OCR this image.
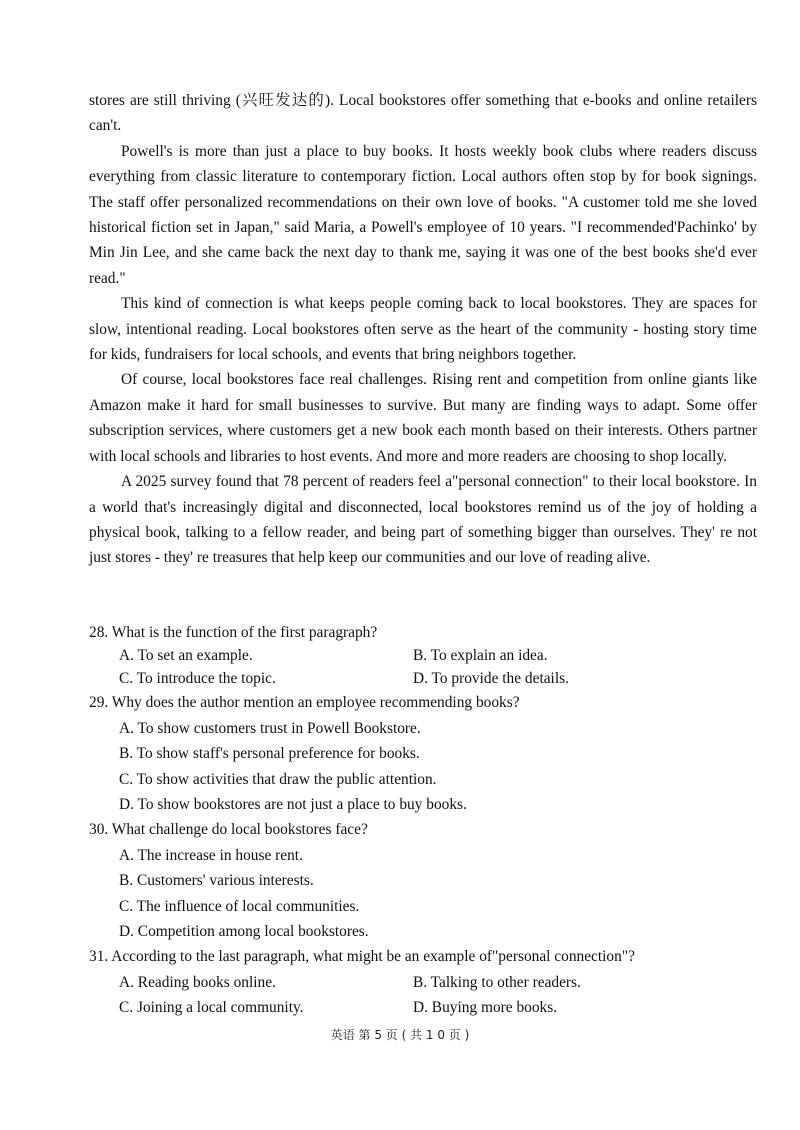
stores are still thriving (兴旺发达的). Local bookstores offer something that e-books and online retailers can't.

Powell's is more than just a place to buy books. It hosts weekly book clubs where readers discuss everything from classic literature to contemporary fiction. Local authors often stop by for book signings. The staff offer personalized recommendations on their own love of books. "A customer told me she loved historical fiction set in Japan," said Maria, a Powell's employee of 10 years. "I recommended'Pachinko' by Min Jin Lee, and she came back the next day to thank me, saying it was one of the best books she'd ever read."

This kind of connection is what keeps people coming back to local bookstores. They are spaces for slow, intentional reading. Local bookstores often serve as the heart of the community - hosting story time for kids, fundraisers for local schools, and events that bring neighbors together.

Of course, local bookstores face real challenges. Rising rent and competition from online giants like Amazon make it hard for small businesses to survive. But many are finding ways to adapt. Some offer subscription services, where customers get a new book each month based on their interests. Others partner with local schools and libraries to host events. And more and more readers are choosing to shop locally.

A 2025 survey found that 78 percent of readers feel a"personal connection" to their local bookstore. In a world that's increasingly digital and disconnected, local bookstores remind us of the joy of holding a physical book, talking to a fellow reader, and being part of something bigger than ourselves. They' re not just stores - they' re treasures that help keep our communities and our love of reading alive.

28. What is the function of the first paragraph?

A. To set an example.	B. To explain an idea.

C. To introduce the topic.	D. To provide the details.

29. Why does the author mention an employee recommending books?

A. To show customers trust in Powell Bookstore.

B. To show staff's personal preference for books.

C. To show activities that draw the public attention.

D. To show bookstores are not just a place to buy books.

30. What challenge do local bookstores face?

A. The increase in house rent.

B. Customers' various interests.

C. The influence of local communities.

D. Competition among local bookstores.

31. According to the last paragraph, what might be an example of"personal connection"?

A. Reading books online.	B. Talking to other readers.

C. Joining a local community.	D. Buying more books.

英语 第 5 页 ( 共 1 0 页 )
